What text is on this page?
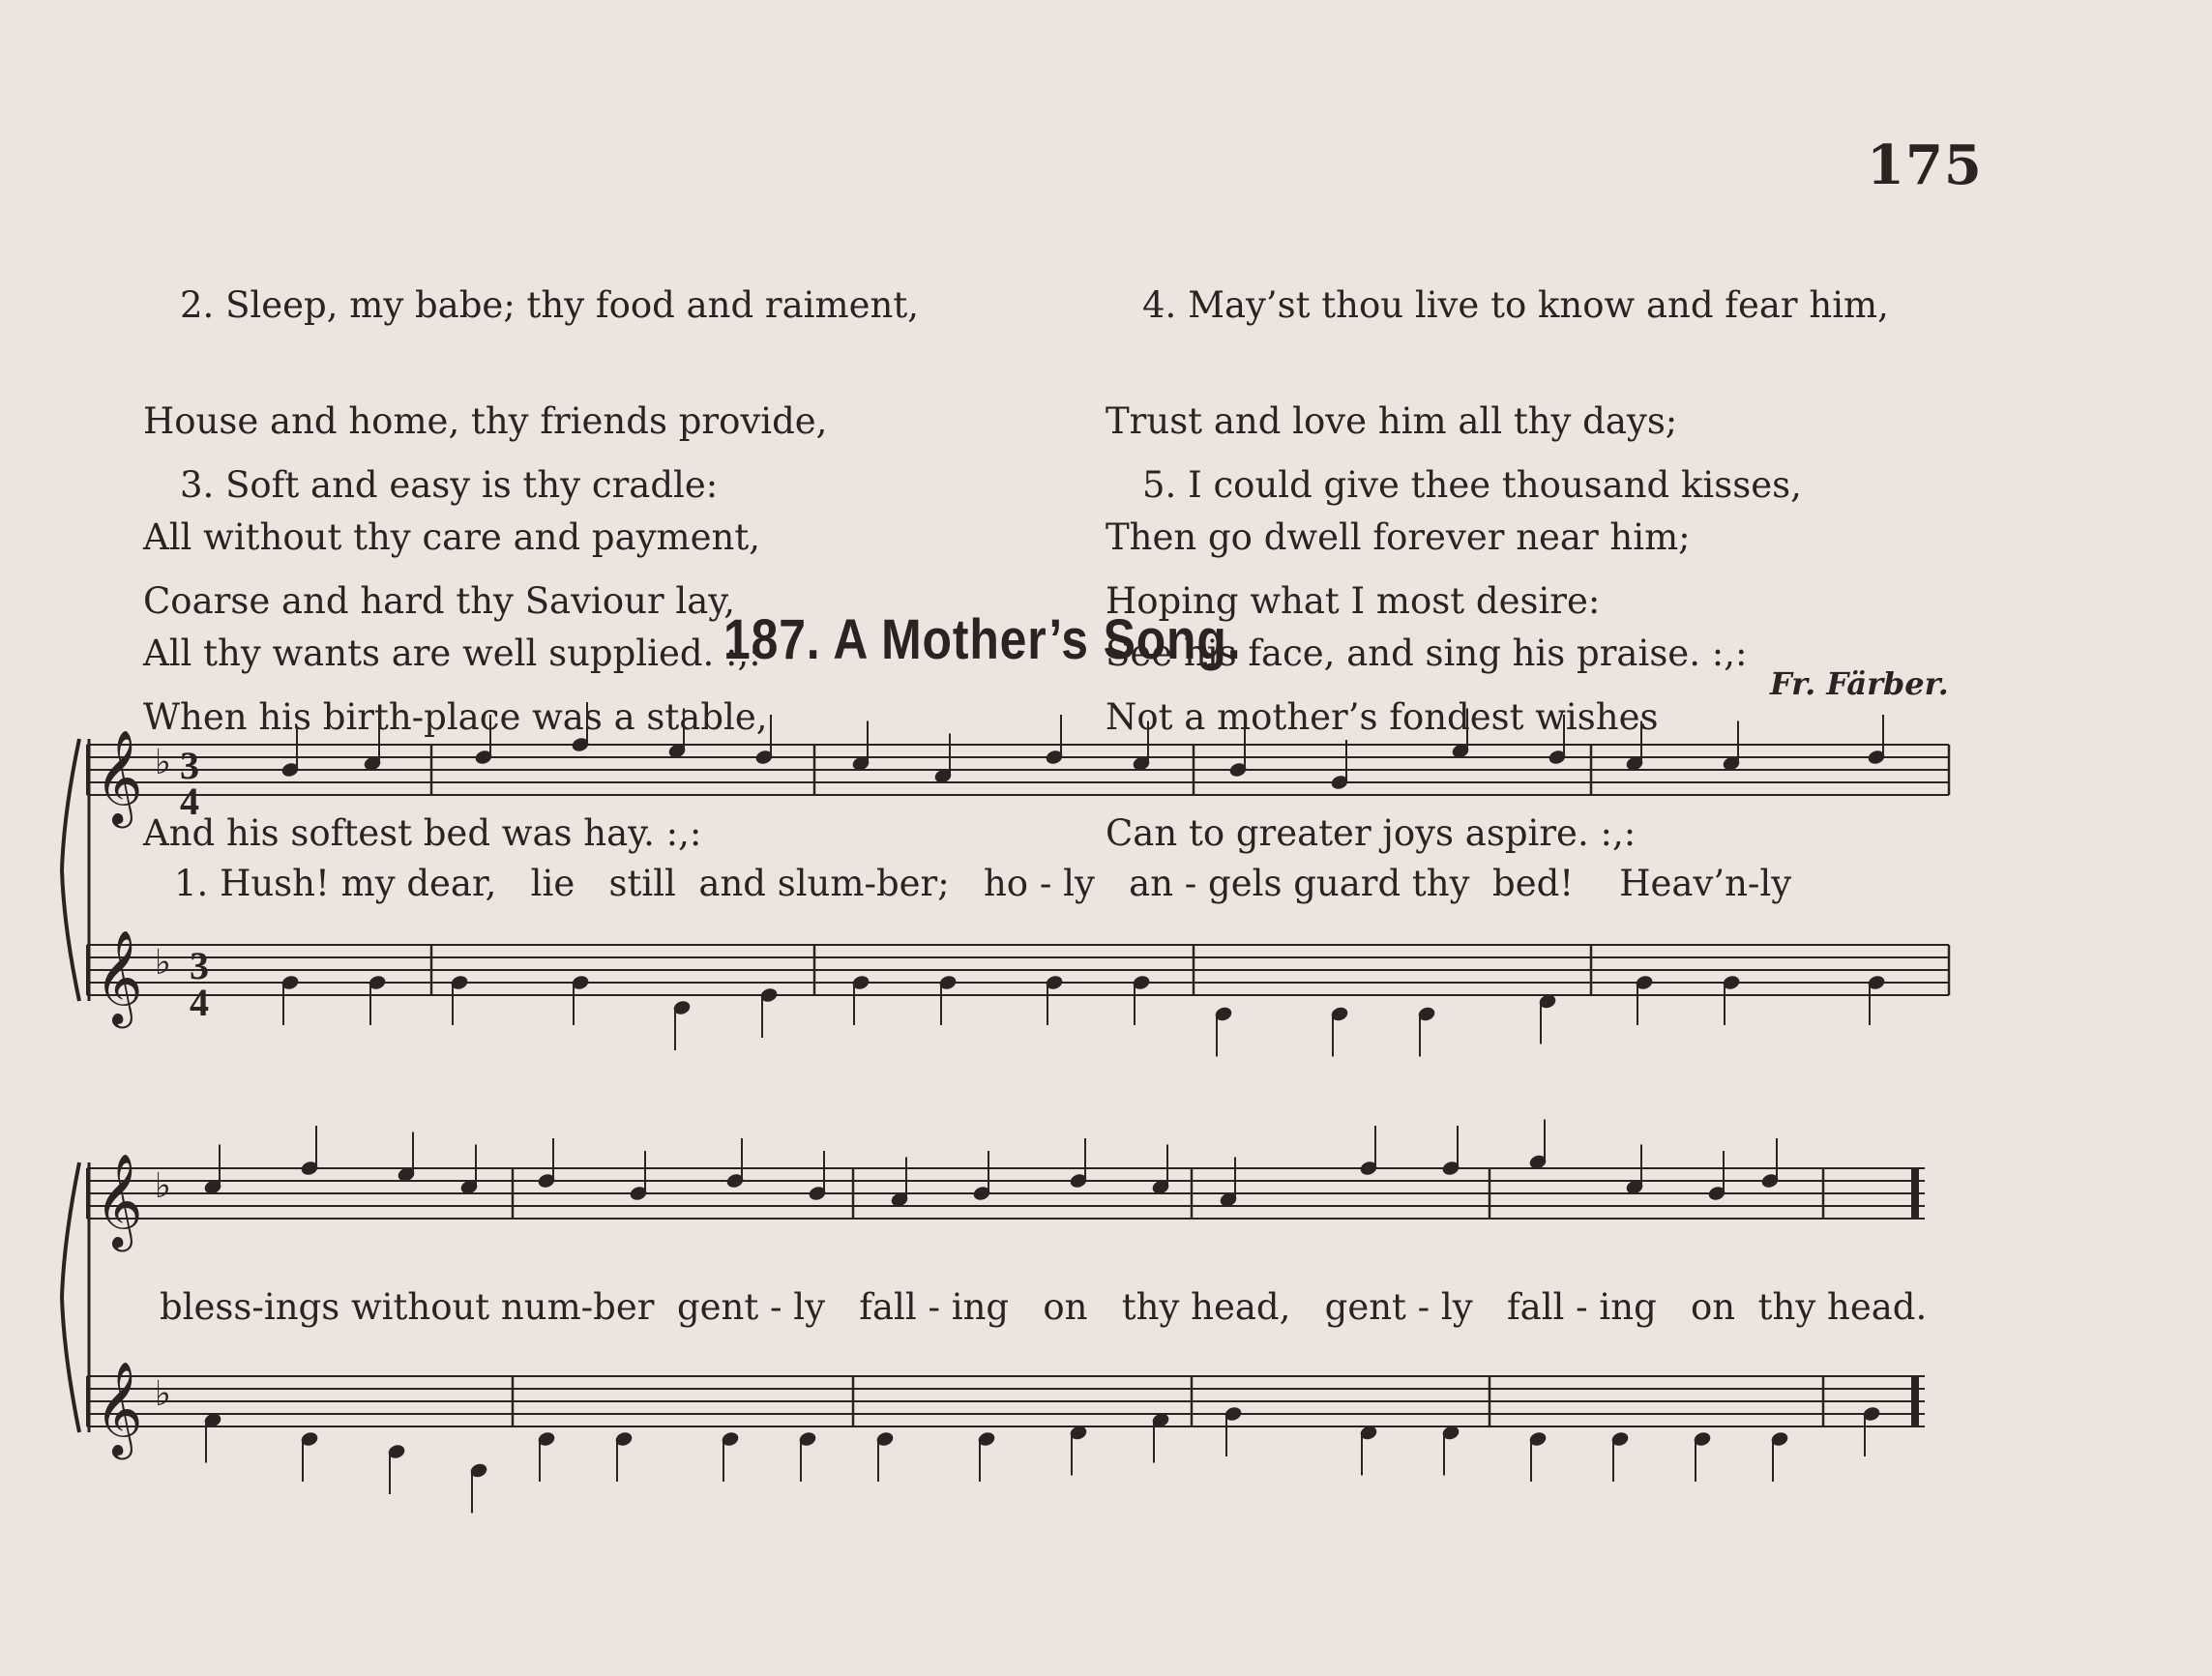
175

2. Sleep, my babe; thy food and raiment,

House and home, thy friends provide,

All without thy care and payment,

All thy wants are well supplied. :,:

3. Soft and easy is thy cradle:

Coarse and hard thy Saviour lay,

When his birth-place was a stable,

And his softest bed was hay. :,:

4. May’st thou live to know and fear him,

Trust and love him all thy days;

Then go dwell forever near him;

See his face, and sing his praise. :,:

5. I could give thee thousand kisses,

Hoping what I most desire:

Not a mother’s fondest wishes

Can to greater joys aspire. :,:

187. A Mother’s Song.
Fr. Färber.
𝄞
𝄞
♭
♭
𝄞
𝄞
♭
♭
3
4
3
4
1. Hush! my dear,   lie   still  and slum-ber;   ho - ly   an - gels guard thy  bed!    Heav’n-ly
bless-ings without num-ber  gent - ly   fall - ing   on   thy head,   gent - ly   fall - ing   on  thy head.
